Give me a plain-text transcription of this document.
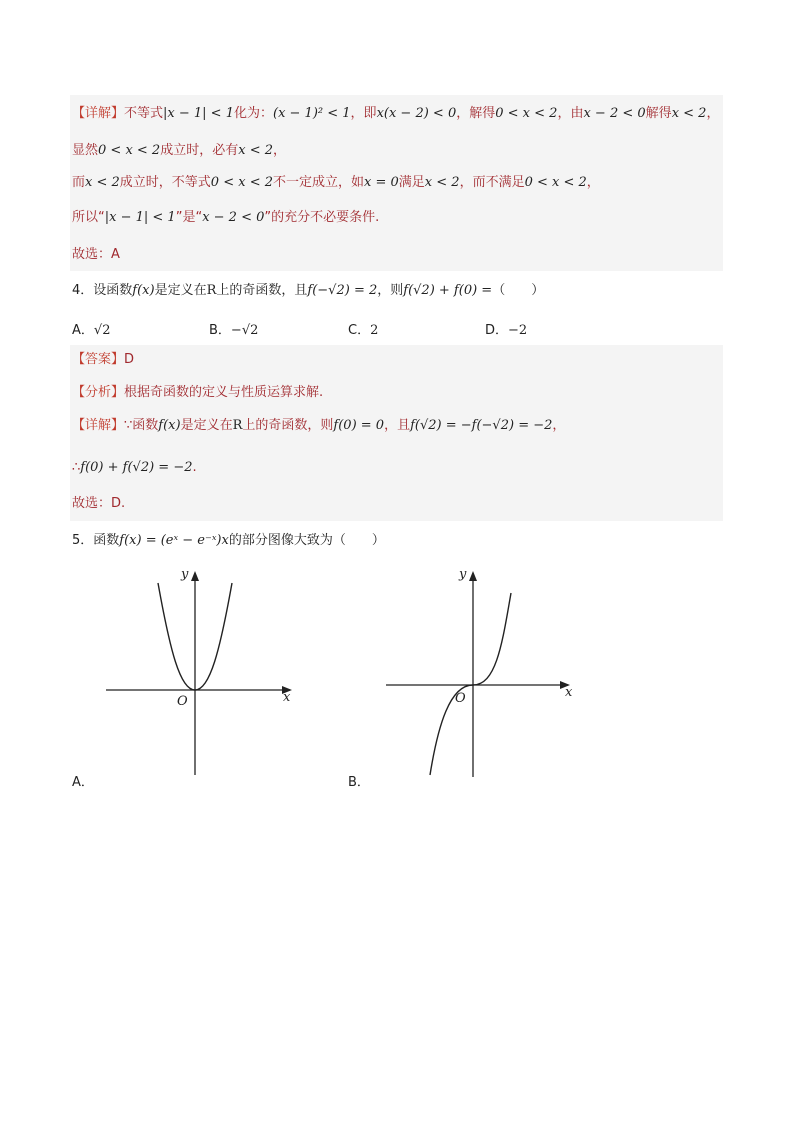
【详解】不等式|x − 1| < 1化为：(x − 1)² < 1，即x(x − 2) < 0，解得0 < x < 2，由x − 2 < 0解得x < 2，
显然0 < x < 2成立时，必有x < 2，
而x < 2成立时，不等式0 < x < 2不一定成立，如x = 0满足x < 2，而不满足0 < x < 2，
所以“|x − 1| < 1”是“x − 2 < 0”的充分不必要条件.
故选：A
4．设函数f(x)是定义在R上的奇函数，且f(−√2) = 2，则f(√2) + f(0) =（　　）
A．√2	B．−√2	C．2	D．−2
【答案】D
【分析】根据奇函数的定义与性质运算求解.
【详解】∵函数f(x)是定义在R上的奇函数，则f(0) = 0，且f(√2) = −f(−√2) = −2，
∴f(0) + f(√2) = −2.
故选：D.
5．函数f(x) = (eˣ − e⁻ˣ)x的部分图像大致为（　　）
y
x
O
A．
y
x
O
B．
